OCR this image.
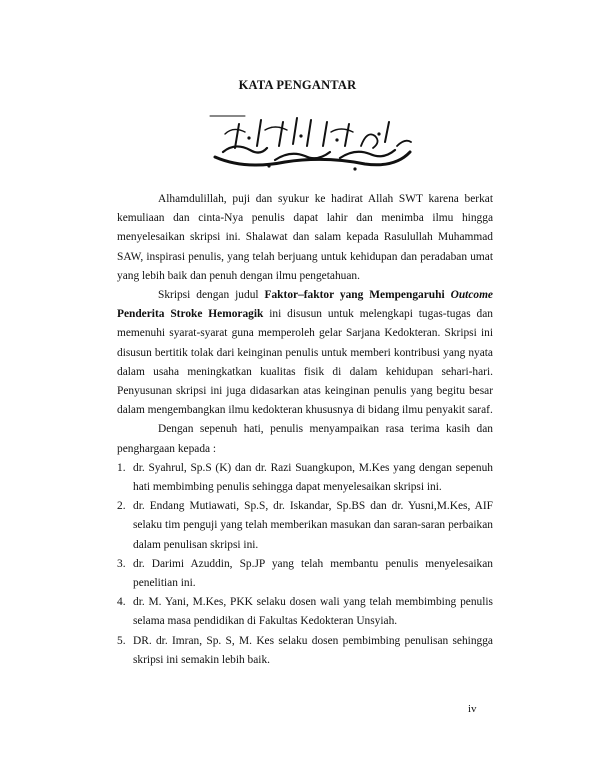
KATA PENGANTAR

Alhamdulillah, puji dan syukur ke hadirat Allah SWT karena berkat kemuliaan dan cinta-Nya penulis dapat lahir dan menimba ilmu hingga menyelesaikan skripsi ini. Shalawat dan salam kepada Rasulullah Muhammad SAW, inspirasi penulis, yang telah berjuang untuk kehidupan dan peradaban umat yang lebih baik dan penuh dengan ilmu pengetahuan.

Skripsi dengan judul Faktor–faktor yang Mempengaruhi Outcome Penderita Stroke Hemoragik ini disusun untuk melengkapi tugas-tugas dan memenuhi syarat-syarat guna memperoleh gelar Sarjana Kedokteran. Skripsi ini disusun bertitik tolak dari keinginan penulis untuk memberi kontribusi yang nyata dalam usaha meningkatkan kualitas fisik di dalam kehidupan sehari-hari. Penyusunan skripsi ini juga didasarkan atas keinginan penulis yang begitu besar dalam mengembangkan ilmu kedokteran khususnya di bidang ilmu penyakit saraf.

Dengan sepenuh hati, penulis menyampaikan rasa terima kasih dan penghargaan kepada :

1. dr. Syahrul, Sp.S (K) dan dr. Razi Suangkupon, M.Kes yang dengan sepenuh hati membimbing penulis sehingga dapat menyelesaikan skripsi ini.
2. dr. Endang Mutiawati, Sp.S, dr. Iskandar, Sp.BS dan dr. Yusni,M.Kes, AIF selaku tim penguji yang telah memberikan masukan dan saran-saran perbaikan dalam penulisan skripsi ini.
3. dr. Darimi Azuddin, Sp.JP yang telah membantu penulis menyelesaikan penelitian ini.
4. dr. M. Yani, M.Kes, PKK selaku dosen wali yang telah membimbing penulis selama masa pendidikan di Fakultas Kedokteran Unsyiah.
5. DR. dr. Imran, Sp. S, M. Kes selaku dosen pembimbing penulisan sehingga skripsi ini semakin lebih baik.
iv
